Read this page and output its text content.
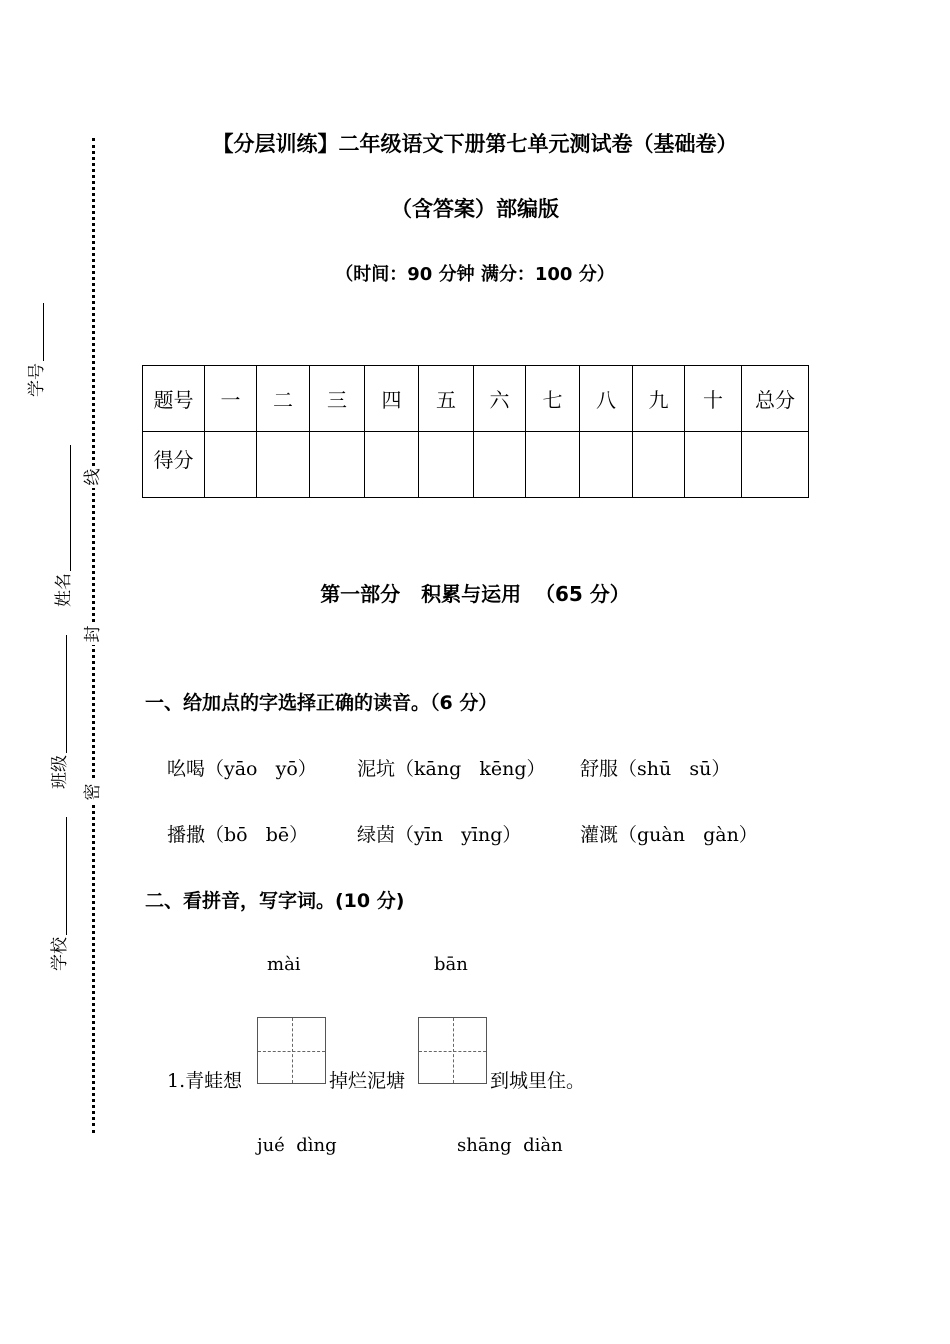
线
封
密
学号
姓名
班级
学校
【分层训练】二年级语文下册第七单元测试卷（基础卷）
（含答案）部编版
（时间：90 分钟 满分：100 分）
题号	一	二	三	四	五	六	七	八	九	十	总分
得分											
第一部分   积累与运用  （65 分）
一、给加点的字选择正确的读音。（6 分）
吆喝（yāo   yō） 泥坑（kāng   kēng） 舒服（shū   sū）
播撒（bō   bē）	绿茵（yīn   yīng）	灌溉（guàn   gàn）
二、看拼音，写字词。(10 分)
mài	bān
1.青蛙想	掉烂泥塘	到城里住。
jué  dìng	shāng  diàn
